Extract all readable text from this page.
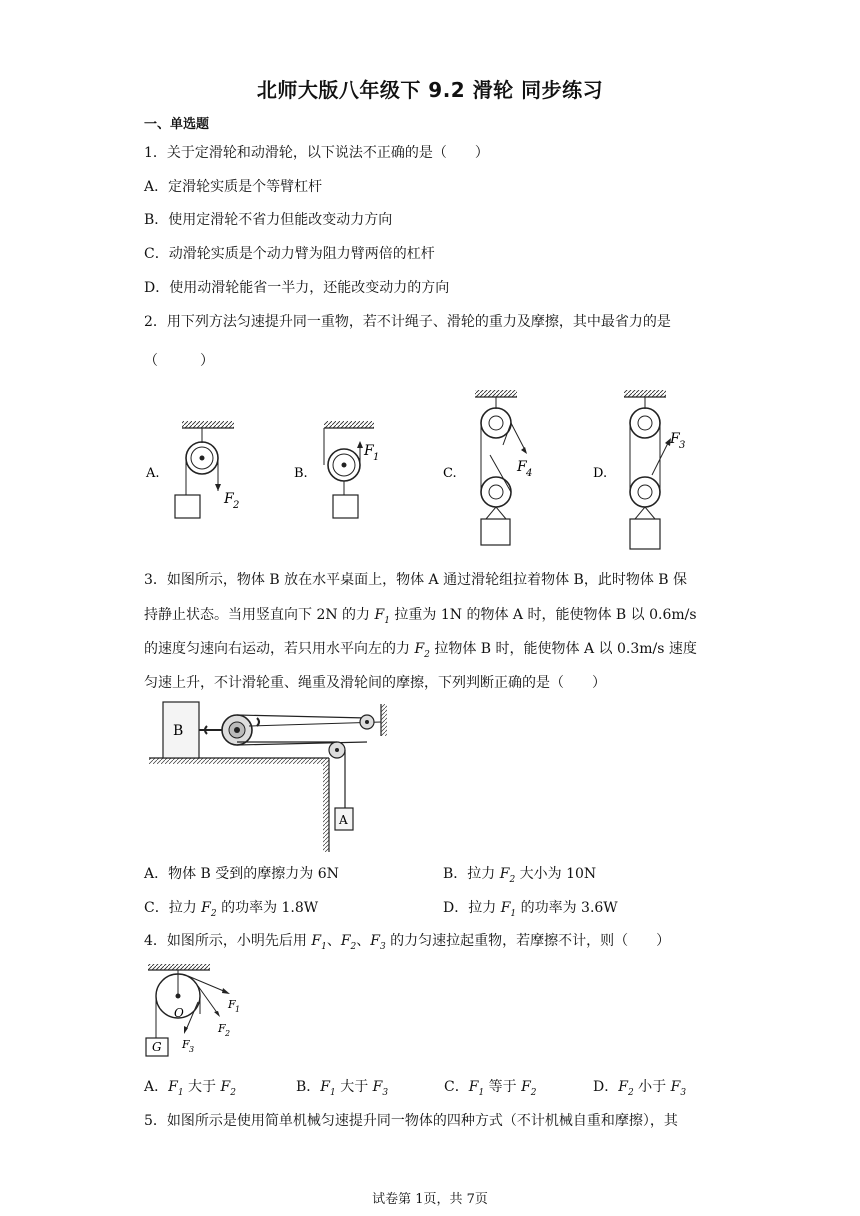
北师大版八年级下 9.2 滑轮 同步练习
一、单选题
1．关于定滑轮和动滑轮，以下说法不正确的是（　　）
A．定滑轮实质是个等臂杠杆
B．使用定滑轮不省力但能改变动力方向
C．动滑轮实质是个动力臂为阻力臂两倍的杠杆
D．使用动滑轮能省一半力，还能改变动力的方向
2．用下列方法匀速提升同一重物，若不计绳子、滑轮的重力及摩擦，其中最省力的是
（　　　）
A.
F 2
B.
F 1
C.	F 4	D.
F 3
3．如图所示，物体 B 放在水平桌面上，物体 A 通过滑轮组拉着物体 B，此时物体 B 保
持静止状态。当用竖直向下 2N 的力 $F_1$ 拉重为 1N 的物体 A 时，能使物体 B 以 0.6m/s
的速度匀速向右运动，若只用水平向左的力 $F_2$ 拉物体 B 时，能使物体 A 以 0.3m/s 速度
匀速上升，不计滑轮重、绳重及滑轮间的摩擦，下列判断正确的是（　　）
B
A
A．物体 B 受到的摩擦力为 6N	B．拉力 $F_2$ 大小为 10N
C．拉力 $F_2$ 的功率为 1.8W	D．拉力 $F_1$ 的功率为 3.6W
4．如图所示，小明先后用 $F_1$、$F_2$、$F_3$ 的力匀速拉起重物，若摩擦不计，则（　　）
O
G
F 1
F 2
F 3
A．$F_1$ 大于 $F_2$	B．$F_1$ 大于 $F_3$	C．$F_1$ 等于 $F_2$	D．$F_2$ 小于 $F_3$
5．如图所示是使用简单机械匀速提升同一物体的四种方式（不计机械自重和摩擦），其
试卷第 1页，共 7页
